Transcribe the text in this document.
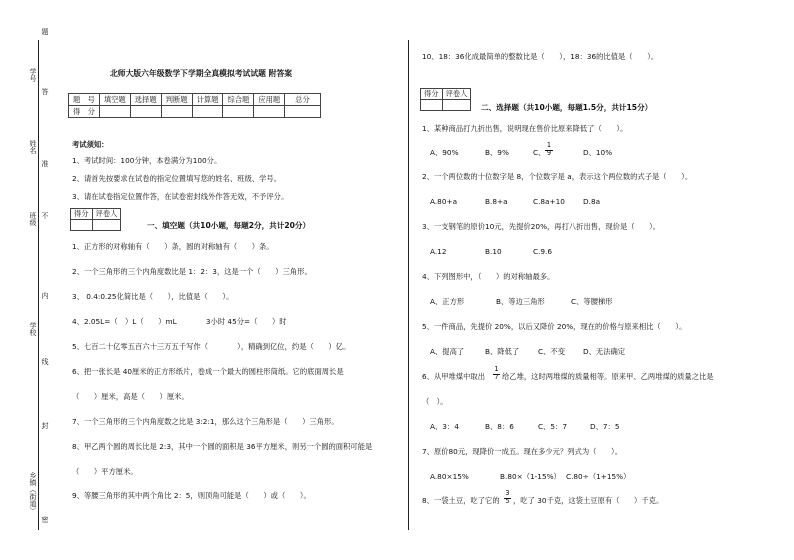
题
学号
答
姓名
准
班级 不
内
学校
线
封
乡镇（街道）
密
北师大版六年级数学下学期全真模拟考试试题 附答案
题　号	填空题	选择题	判断题	计算题	综合题	应用题	总分
得　分							
考试须知：
1、考试时间：100分钟，本卷满分为100分。
2、请首先按要求在试卷的指定位置填写您的姓名、班级、学号。
3、请在试卷指定位置作答，在试卷密封线外作答无效，不予评分。
得分	评卷人

一、填空题（共10小题，每题2分，共计20分）
1、正方形的对称轴有（　　）条，圆的对称轴有（　　）条。
2、一个三角形的三个内角度数比是 1：2：3，这是一个（　　）三角形。
3、 0.4:0.25化简比是（　　），比值是（　　）。
4、2.05L=（　）L（　　）mL　　　　3小时 45分=（　　）时
5、七百二十亿零五百六十三万五千写作（　　　　），精确到亿位，约是（　　）亿。
6、把一张长是 40厘米的正方形纸片，卷成一个最大的圆柱形筒纸。它的底面周长是
（　　）厘米，高是（　　）厘米。
7、一个三角形的三个内角度数之比是 3:2:1，那么这个三角形是（　　）三角形。
8、甲乙两个圆的周长比是 2:3，其中一个圆的面积是 36平方厘米，则另一个圆的面积可能是
（　　）平方厘米。
9、等腰三角形的其中两个角比 2：5，则顶角可能是（　　）或（　　）。
10、18：36化成最简单的整数比是（　　），18：36的比值是（　　）。
得分	评卷人

二、选择题（共10小题，每题1.5分，共计15分）
1、某种商品打九折出售，说明现在售价比原来降低了（　　）。
A、90%	B、9%	C、
1
9	D、10%
2、一个两位数的十位数字是 8，个位数字是 a，表示这个两位数的式子是（　　）。
A.80+a	B.8+a	C.8a+10 D.8a
3、一支钢笔的原价10元，先提价20%，再打八折出售，现价是（　　）。
A.12	B.10	C.9.6
4、下列图形中，（　　）的对称轴最多。
A、正方形	B、等边三角形	C、等腰梯形
5、一件商品，先提价 20%，以后又降价 20%，现在的价格与原来相比（　　）。
A、提高了	B、降低了	C、不变 D、无法确定
6、从甲堆煤中取出
1
7 给乙堆，这时两堆煤的质量相等。原来甲、乙两堆煤的质量之比是
（　）。
A、3：4	B、8：6	C、5：7	D、7：5
7、原价80元，现降价一成五。现在多少元？列式为（　　）。
A.80×15%	B.80×（1-15%） C.80÷（1+15%）
8、一袋土豆，吃了它的
3
5 ，吃了 30千克，这袋土豆原有（　　）千克。
